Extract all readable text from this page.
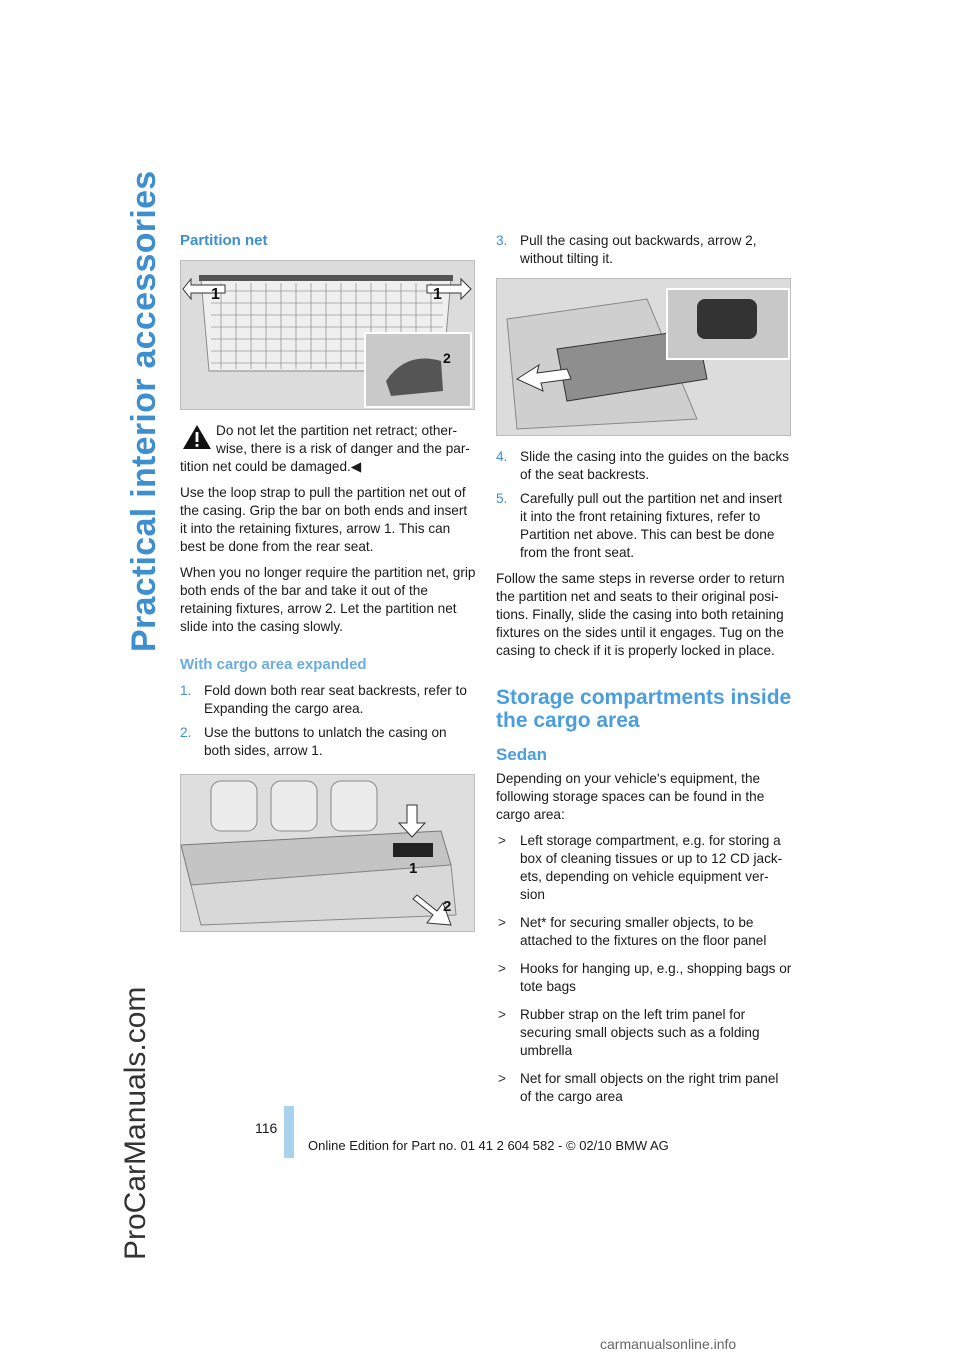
Practical interior accessories
ProCarManuals.com
Partition net
1	1
2
Do not let the partition net retract; other-wise, there is a risk of danger and the par-
tition net could be damaged.◀

Use the loop strap to pull the partition net out of the casing. Grip the bar on both ends and insert it into the retaining fixtures, arrow 1. This can best be done from the rear seat.

When you no longer require the partition net, grip both ends of the bar and take it out of the retaining fixtures, arrow 2. Let the partition net slide into the casing slowly.

With cargo area expanded
1. Fold down both rear seat backrests, refer to Expanding the cargo area.
2. Use the buttons to unlatch the casing on both sides, arrow 1.
1
2
3. Pull the casing out backwards, arrow 2, without tilting it.
4. Slide the casing into the guides on the backs of the seat backrests.
5. Carefully pull out the partition net and insert it into the front retaining fixtures, refer to Partition net above. This can best be done from the front seat.

Follow the same steps in reverse order to return the partition net and seats to their original posi-tions. Finally, slide the casing into both retaining fixtures on the sides until it engages. Tug on the casing to check if it is properly locked in place.

Storage compartments inside the cargo area
Sedan

Depending on your vehicle's equipment, the following storage spaces can be found in the cargo area:

> Left storage compartment, e.g. for storing a box of cleaning tissues or up to 12 CD jack-ets, depending on vehicle equipment ver-sion
> Net* for securing smaller objects, to be attached to the fixtures on the floor panel
> Hooks for hanging up, e.g., shopping bags or tote bags
> Rubber strap on the left trim panel for securing small objects such as a folding umbrella
> Net for small objects on the right trim panel of the cargo area
116
Online Edition for Part no. 01 41 2 604 582 - © 02/10 BMW AG
carmanualsonline.info
